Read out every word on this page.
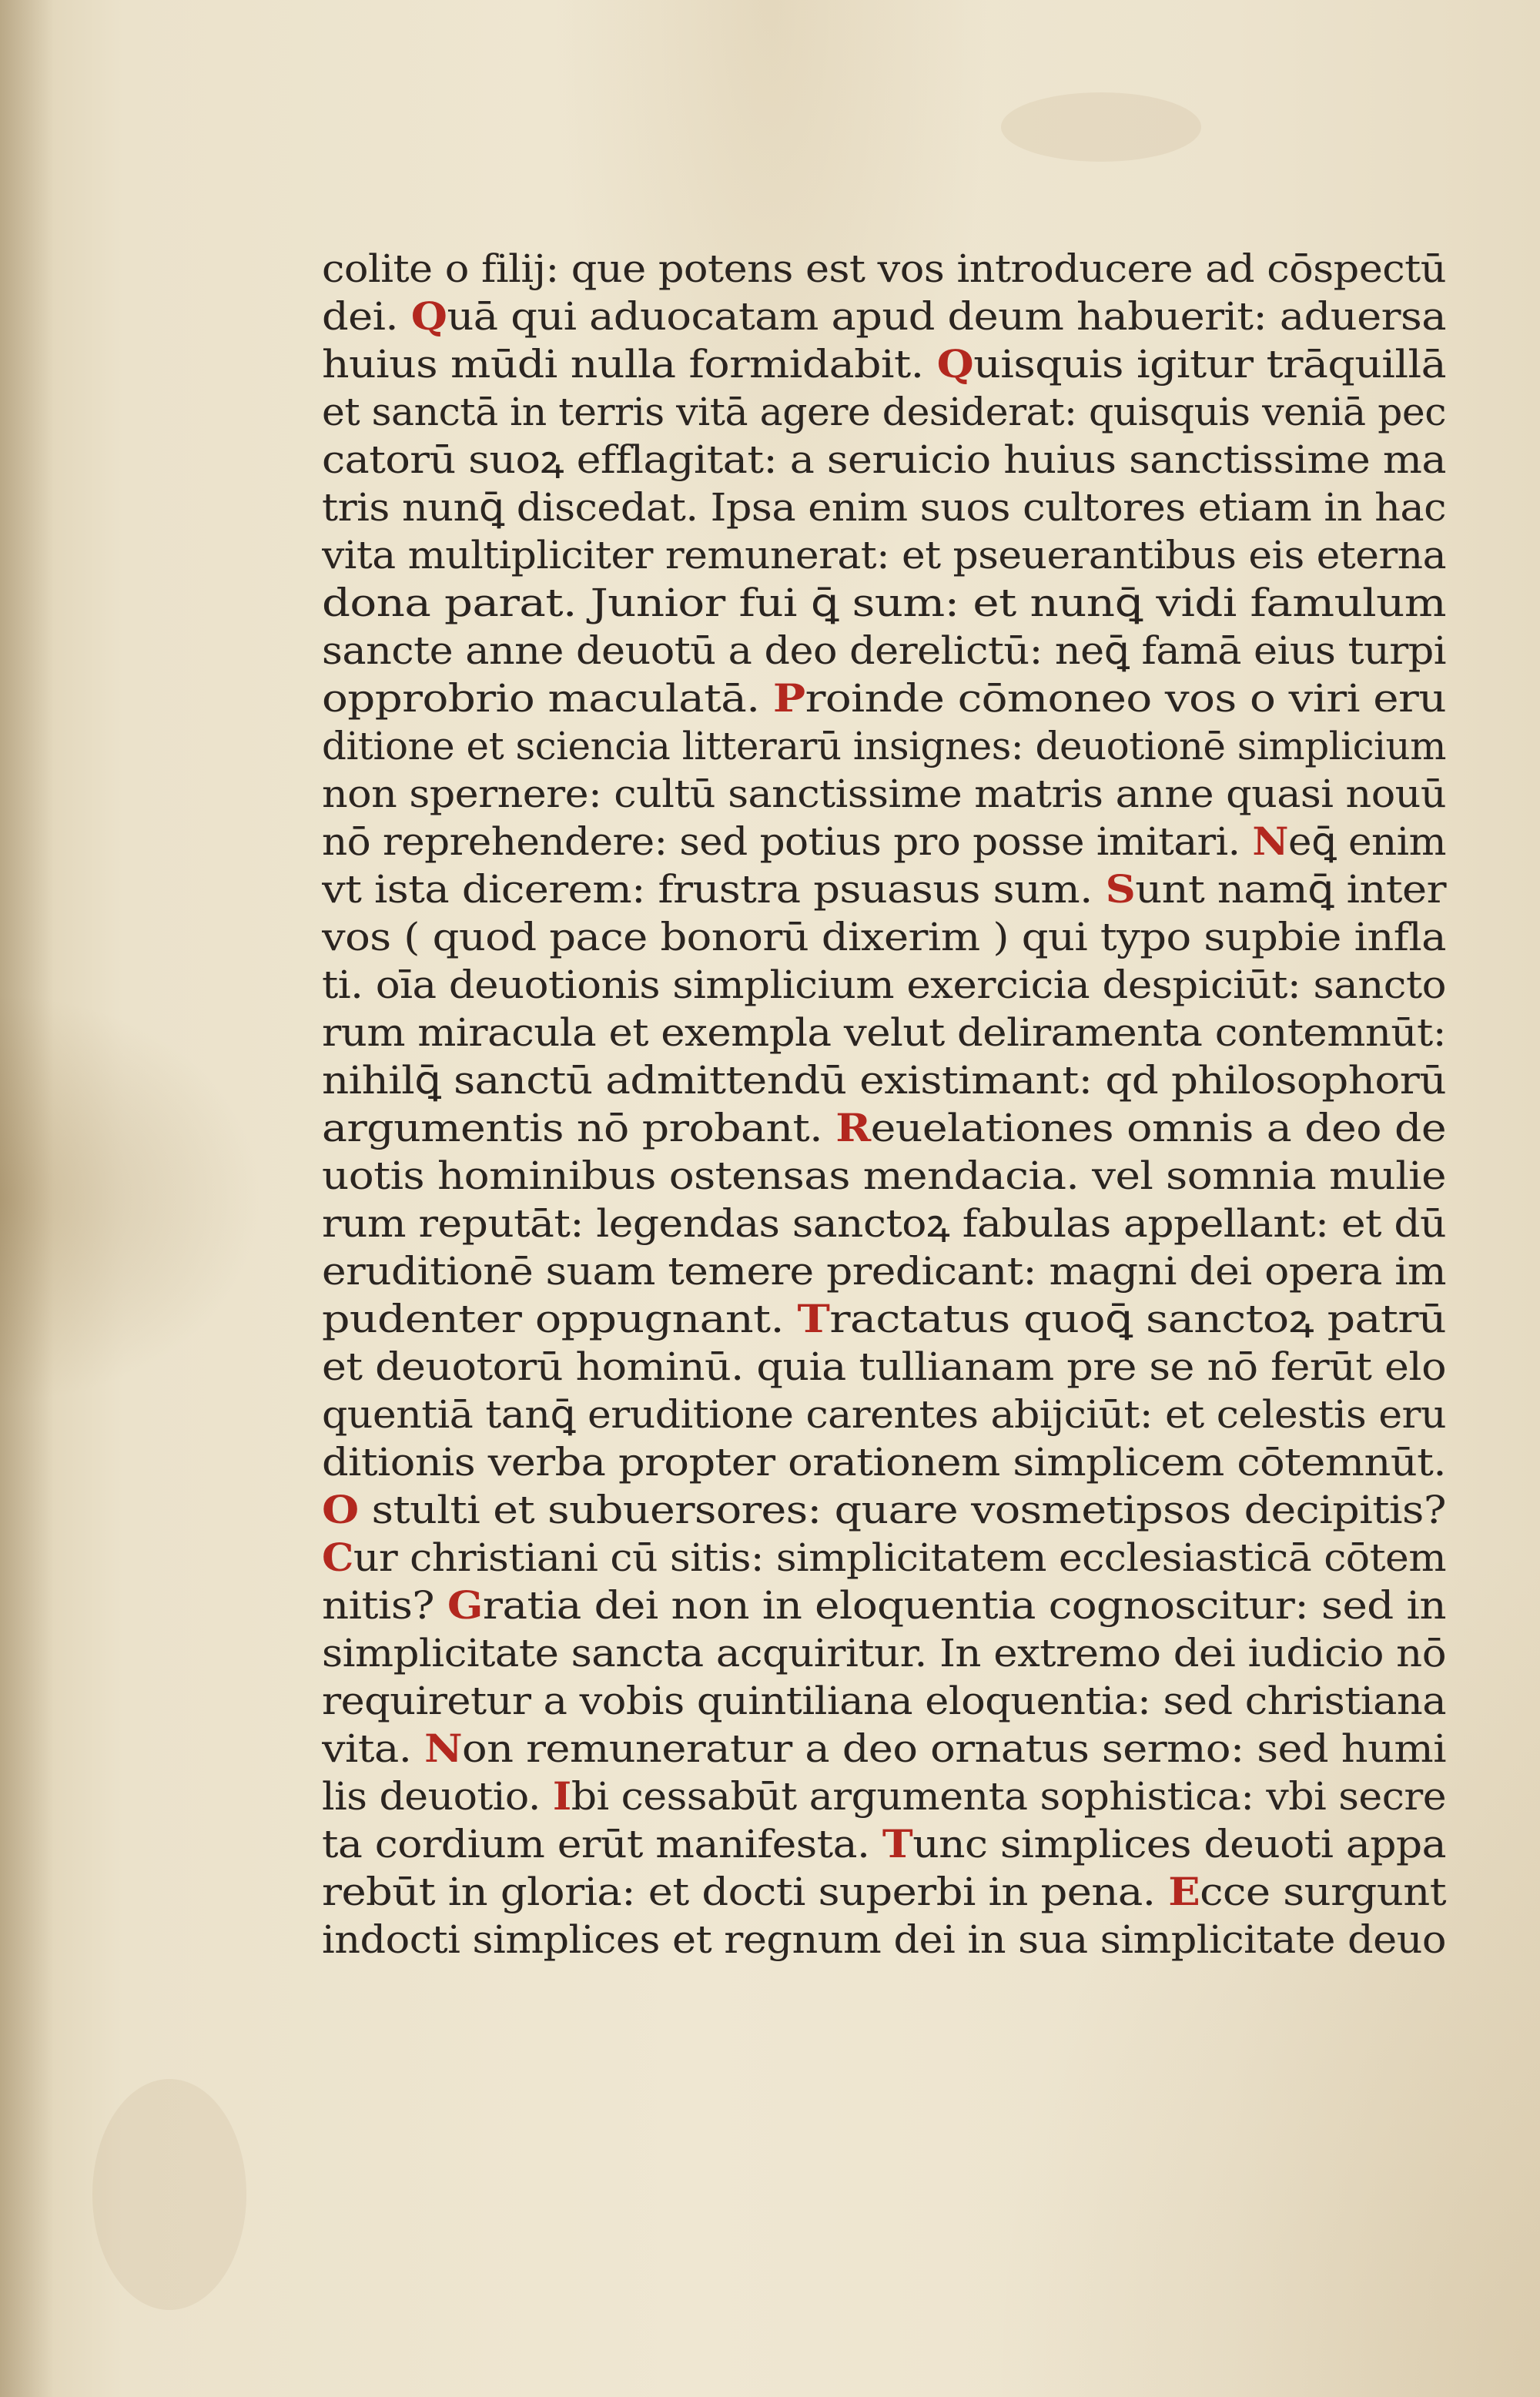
colite o filij: que potens est vos introducere ad cōspectū
dei. Quā qui aduocatam apud deum habuerit: aduersa
huius mūdi nulla formidabit. Quisquis igitur trāquillā
et sanctā in terris vitā agere desiderat: quisquis veniā pec
catorū suoꝝ efflagitat: a seruicio huius sanctissime ma
tris nunꝗ̄ discedat. Ipsa enim suos cultores etiam in hac
vita multipliciter remunerat: et pseuerantibus eis eterna
dona parat. Junior fui ꝗ̄ sum: et nunꝗ̄ vidi famulum
sancte anne deuotū a deo derelictū: neꝗ̄ famā eius turpi
opprobrio maculatā. Proinde cōmoneo vos o viri eru
ditione et sciencia litterarū insignes: deuotionē simplicium
non spernere: cultū sanctissime matris anne quasi nouū
nō reprehendere: sed potius pro posse imitari. Neꝗ̄ enim
vt ista dicerem: frustra psuasus sum. Sunt namꝗ̄ inter
vos ( quod pace bonorū dixerim ) qui typo supbie infla
ti. oīa deuotionis simplicium exercicia despiciūt: sancto
rum miracula et exempla velut deliramenta contemnūt:
nihilꝗ̄ sanctū admittendū existimant: qd philosophorū
argumentis nō probant. Reuelationes omnis a deo de
uotis hominibus ostensas mendacia. vel somnia mulie
rum reputāt: legendas sanctoꝝ fabulas appellant: et dū
eruditionē suam temere predicant: magni dei opera im
pudenter oppugnant. Tractatus quoꝗ̄ sanctoꝝ patrū
et deuotorū hominū. quia tullianam pre se nō ferūt elo
quentiā tanꝗ̄ eruditione carentes abijciūt: et celestis eru
ditionis verba propter orationem simplicem cōtemnūt.
O stulti et subuersores: quare vosmetipsos decipitis?
Cur christiani cū sitis: simplicitatem ecclesiasticā cōtem
nitis? Gratia dei non in eloquentia cognoscitur: sed in
simplicitate sancta acquiritur. In extremo dei iudicio nō
requiretur a vobis quintiliana eloquentia: sed christiana
vita. Non remuneratur a deo ornatus sermo: sed humi
lis deuotio. Ibi cessabūt argumenta sophistica: vbi secre
ta cordium erūt manifesta. Tunc simplices deuoti appa
rebūt in gloria: et docti superbi in pena. Ecce surgunt
indocti simplices et regnum dei in sua simplicitate deuo
